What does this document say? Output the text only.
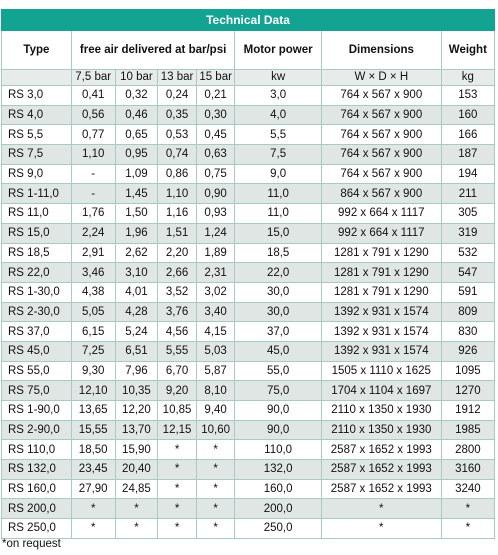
Technical Data							
Type	free air delivered at bar/psi				Motor power	Dimensions	Weight

	7,5 bar	10 bar	13 bar	15 bar	kw	W × D × H	kg
RS 3,0	0,41	0,32	0,24	0,21	3,0	764 x 567 x 900	153
RS 4,0	0,56	0,46	0,35	0,30	4,0	764 x 567 x 900	160
RS 5,5	0,77	0,65	0,53	0,45	5,5	764 x 567 x 900	166
RS 7,5	1,10	0,95	0,74	0,63	7,5	764 x 567 x 900	187
RS 9,0	-	1,09	0,86	0,75	9,0	764 x 567 x 900	194
RS 1-11,0	-	1,45	1,10	0,90	11,0	864 x 567 x 900	211
RS 11,0	1,76	1,50	1,16	0,93	11,0	992 x 664 x 1117	305
RS 15,0	2,24	1,96	1,51	1,24	15,0	992 x 664 x 1117	319
RS 18,5	2,91	2,62	2,20	1,89	18,5	1281 x 791 x 1290	532
RS 22,0	3,46	3,10	2,66	2,31	22,0	1281 x 791 x 1290	547
RS 1-30,0	4,38	4,01	3,52	3,02	30,0	1281 x 791 x 1290	591
RS 2-30,0	5,05	4,28	3,76	3,40	30,0	1392 x 931 x 1574	809
RS 37,0	6,15	5,24	4,56	4,15	37,0	1392 x 931 x 1574	830
RS 45,0	7,25	6,51	5,55	5,03	45,0	1392 x 931 x 1574	926
RS 55,0	9,30	7,96	6,70	5,87	55,0	1505 x 1110 x 1625	1095
RS 75,0	12,10	10,35	9,20	8,10	75,0	1704 x 1104 x 1697	1270
RS 1-90,0	13,65	12,20	10,85	9,40	90,0	2110 x 1350 x 1930	1912
RS 2-90,0	15,55	13,70	12,15	10,60	90,0	2110 x 1350 x 1930	1985
RS 110,0	18,50	15,90	*	*	110,0	2587 x 1652 x 1993	2800
RS 132,0	23,45	20,40	*	*	132,0	2587 x 1652 x 1993	3160
RS 160,0	27,90	24,85	*	*	160,0	2587 x 1652 x 1993	3240
RS 200,0	*	*	*	*	200,0	*	*
RS 250,0	*	*	*	*	250,0	*	*
*on request
